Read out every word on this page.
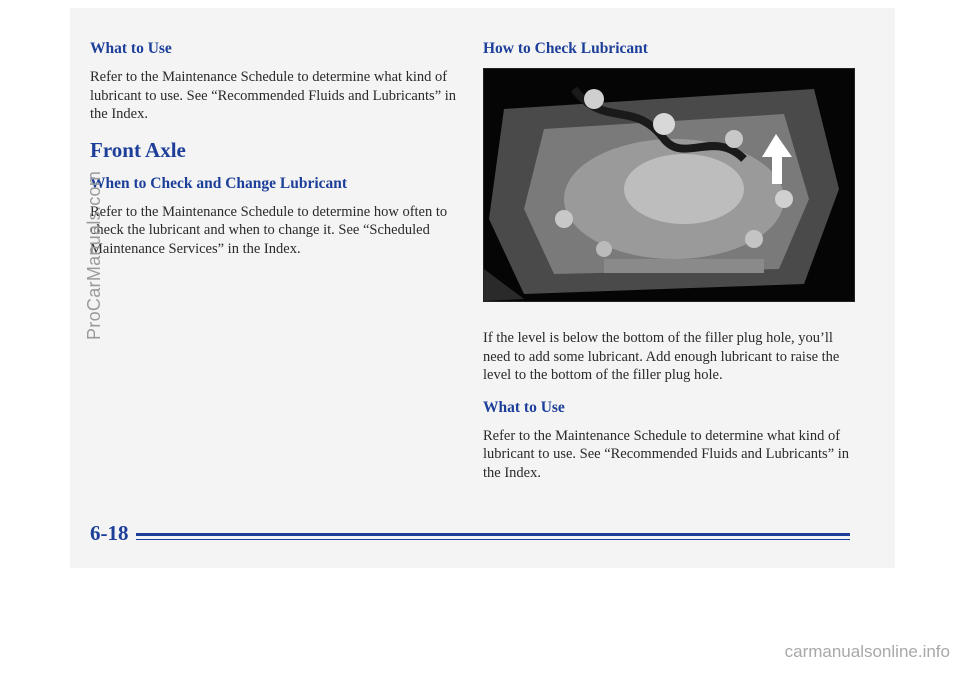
What to Use

Refer to the Maintenance Schedule to determine what kind of lubricant to use. See “Recommended Fluids and Lubricants” in the Index.

Front Axle
When to Check and Change Lubricant

Refer to the Maintenance Schedule to determine how often to check the lubricant and when to change it. See “Scheduled Maintenance Services” in the Index.

How to Check Lubricant

If the level is below the bottom of the filler plug hole, you’ll need to add some lubricant. Add enough lubricant to raise the level to the bottom of the filler plug hole.

What to Use

Refer to the Maintenance Schedule to determine what kind of lubricant to use. See “Recommended Fluids and Lubricants” in the Index.

6-18
ProCarManuals.com
carmanualsonline.info
